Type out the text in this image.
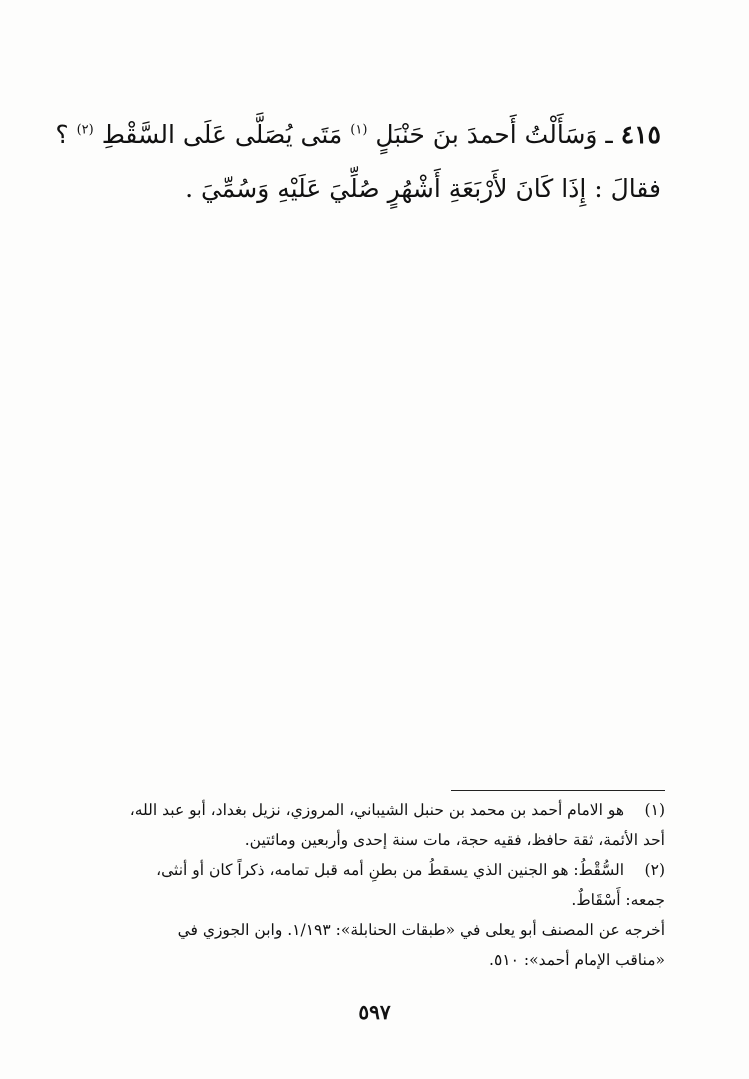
٤١٥ ـ وَسَأَلْتُ أَحمدَ بنَ حَنْبَلٍ $^{(١)}$ مَتَى يُصَلَّى عَلَى السَّقْطِ $^{(٢)}$ ؟
فقالَ : إِذَا كَانَ لأَرْبَعَةِ أَشْهُرٍ صُلِّيَ عَلَيْهِ وَسُمِّيَ .
(١) هو الامام أحمد بن محمد بن حنبل الشيباني، المروزي، نزيل بغداد، أبو عبد الله،
أحد الأئمة، ثقة حافظ، فقيه حجة، مات سنة إحدى وأربعين ومائتين.
(٢) السُّقْطُ: هو الجنين الذي يسقطُ من بطنِ أمه قبل تمامه، ذكراً كان أو أنثى،
جمعه: أَسْقَاطٌ.
أخرجه عن المصنف أبو يعلى في «طبقات الحنابلة»: ١/١٩٣. وابن الجوزي في
«مناقب الإمام أحمد»: ٥١٠.
٥٩٧
